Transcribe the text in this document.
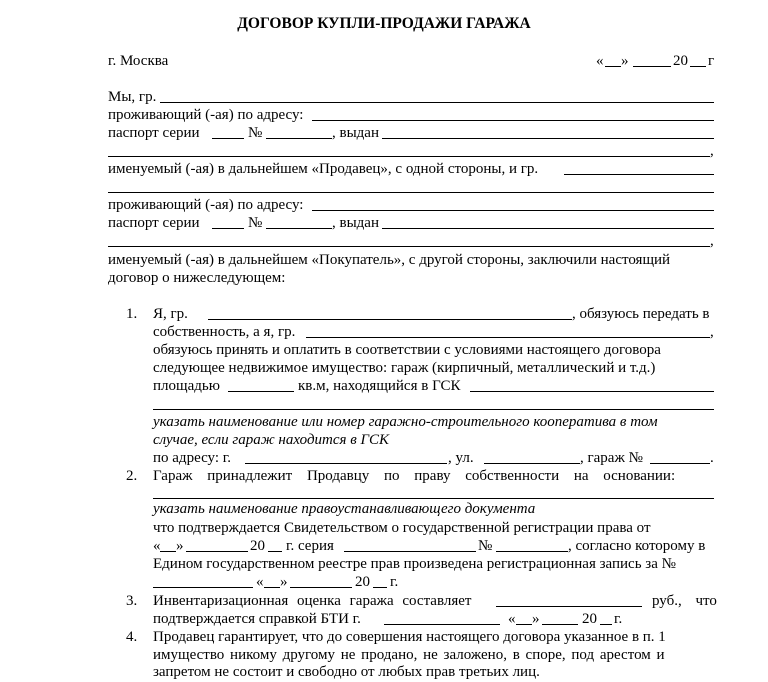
ДОГОВОР КУПЛИ-ПРОДАЖИ ГАРАЖА
г. Москва	« »	20 г
Мы, гр.
проживающий (-ая) по адресу:
паспорт серии	№	, выдан
,
именуемый (-ая) в дальнейшем «Продавец», с одной стороны, и гр.
проживающий (-ая) по адресу:
паспорт серии	№	, выдан
,
именуемый (-ая) в дальнейшем «Покупатель», с другой стороны, заключили настоящий
договор о нижеследующем:
1. Я, гр.	, обязуюсь передать в
собственность, а я, гр.	,
обязуюсь принять и оплатить в соответствии с условиями настоящего договора
следующее недвижимое имущество: гараж (кирпичный, металлический и т.д.)
площадью	кв.м, находящийся в ГСК
указать наименование или номер гаражно-строительного кооператива в том
случае, если гараж находится в ГСК
по адресу: г.	, ул.	, гараж №	.
2. Гараж принадлежит Продавцу по праву собственности на основании:
указать наименование правоустанавливающего документа
что подтверждается Свидетельством о государственной регистрации права от
« »	20 г. серия	№	, согласно которому в
Едином государственном реестре прав произведена регистрационная запись за №
« »	20 г.
3. Инвентаризационная оценка гаража составляет	руб., что
подтверждается справкой БТИ г.	« »	20 г.
4. Продавец гарантирует, что до совершения настоящего договора указанное в п. 1
имущество никому другому не продано, не заложено, в споре, под арестом и
запретом не состоит и свободно от любых прав третьих лиц.
